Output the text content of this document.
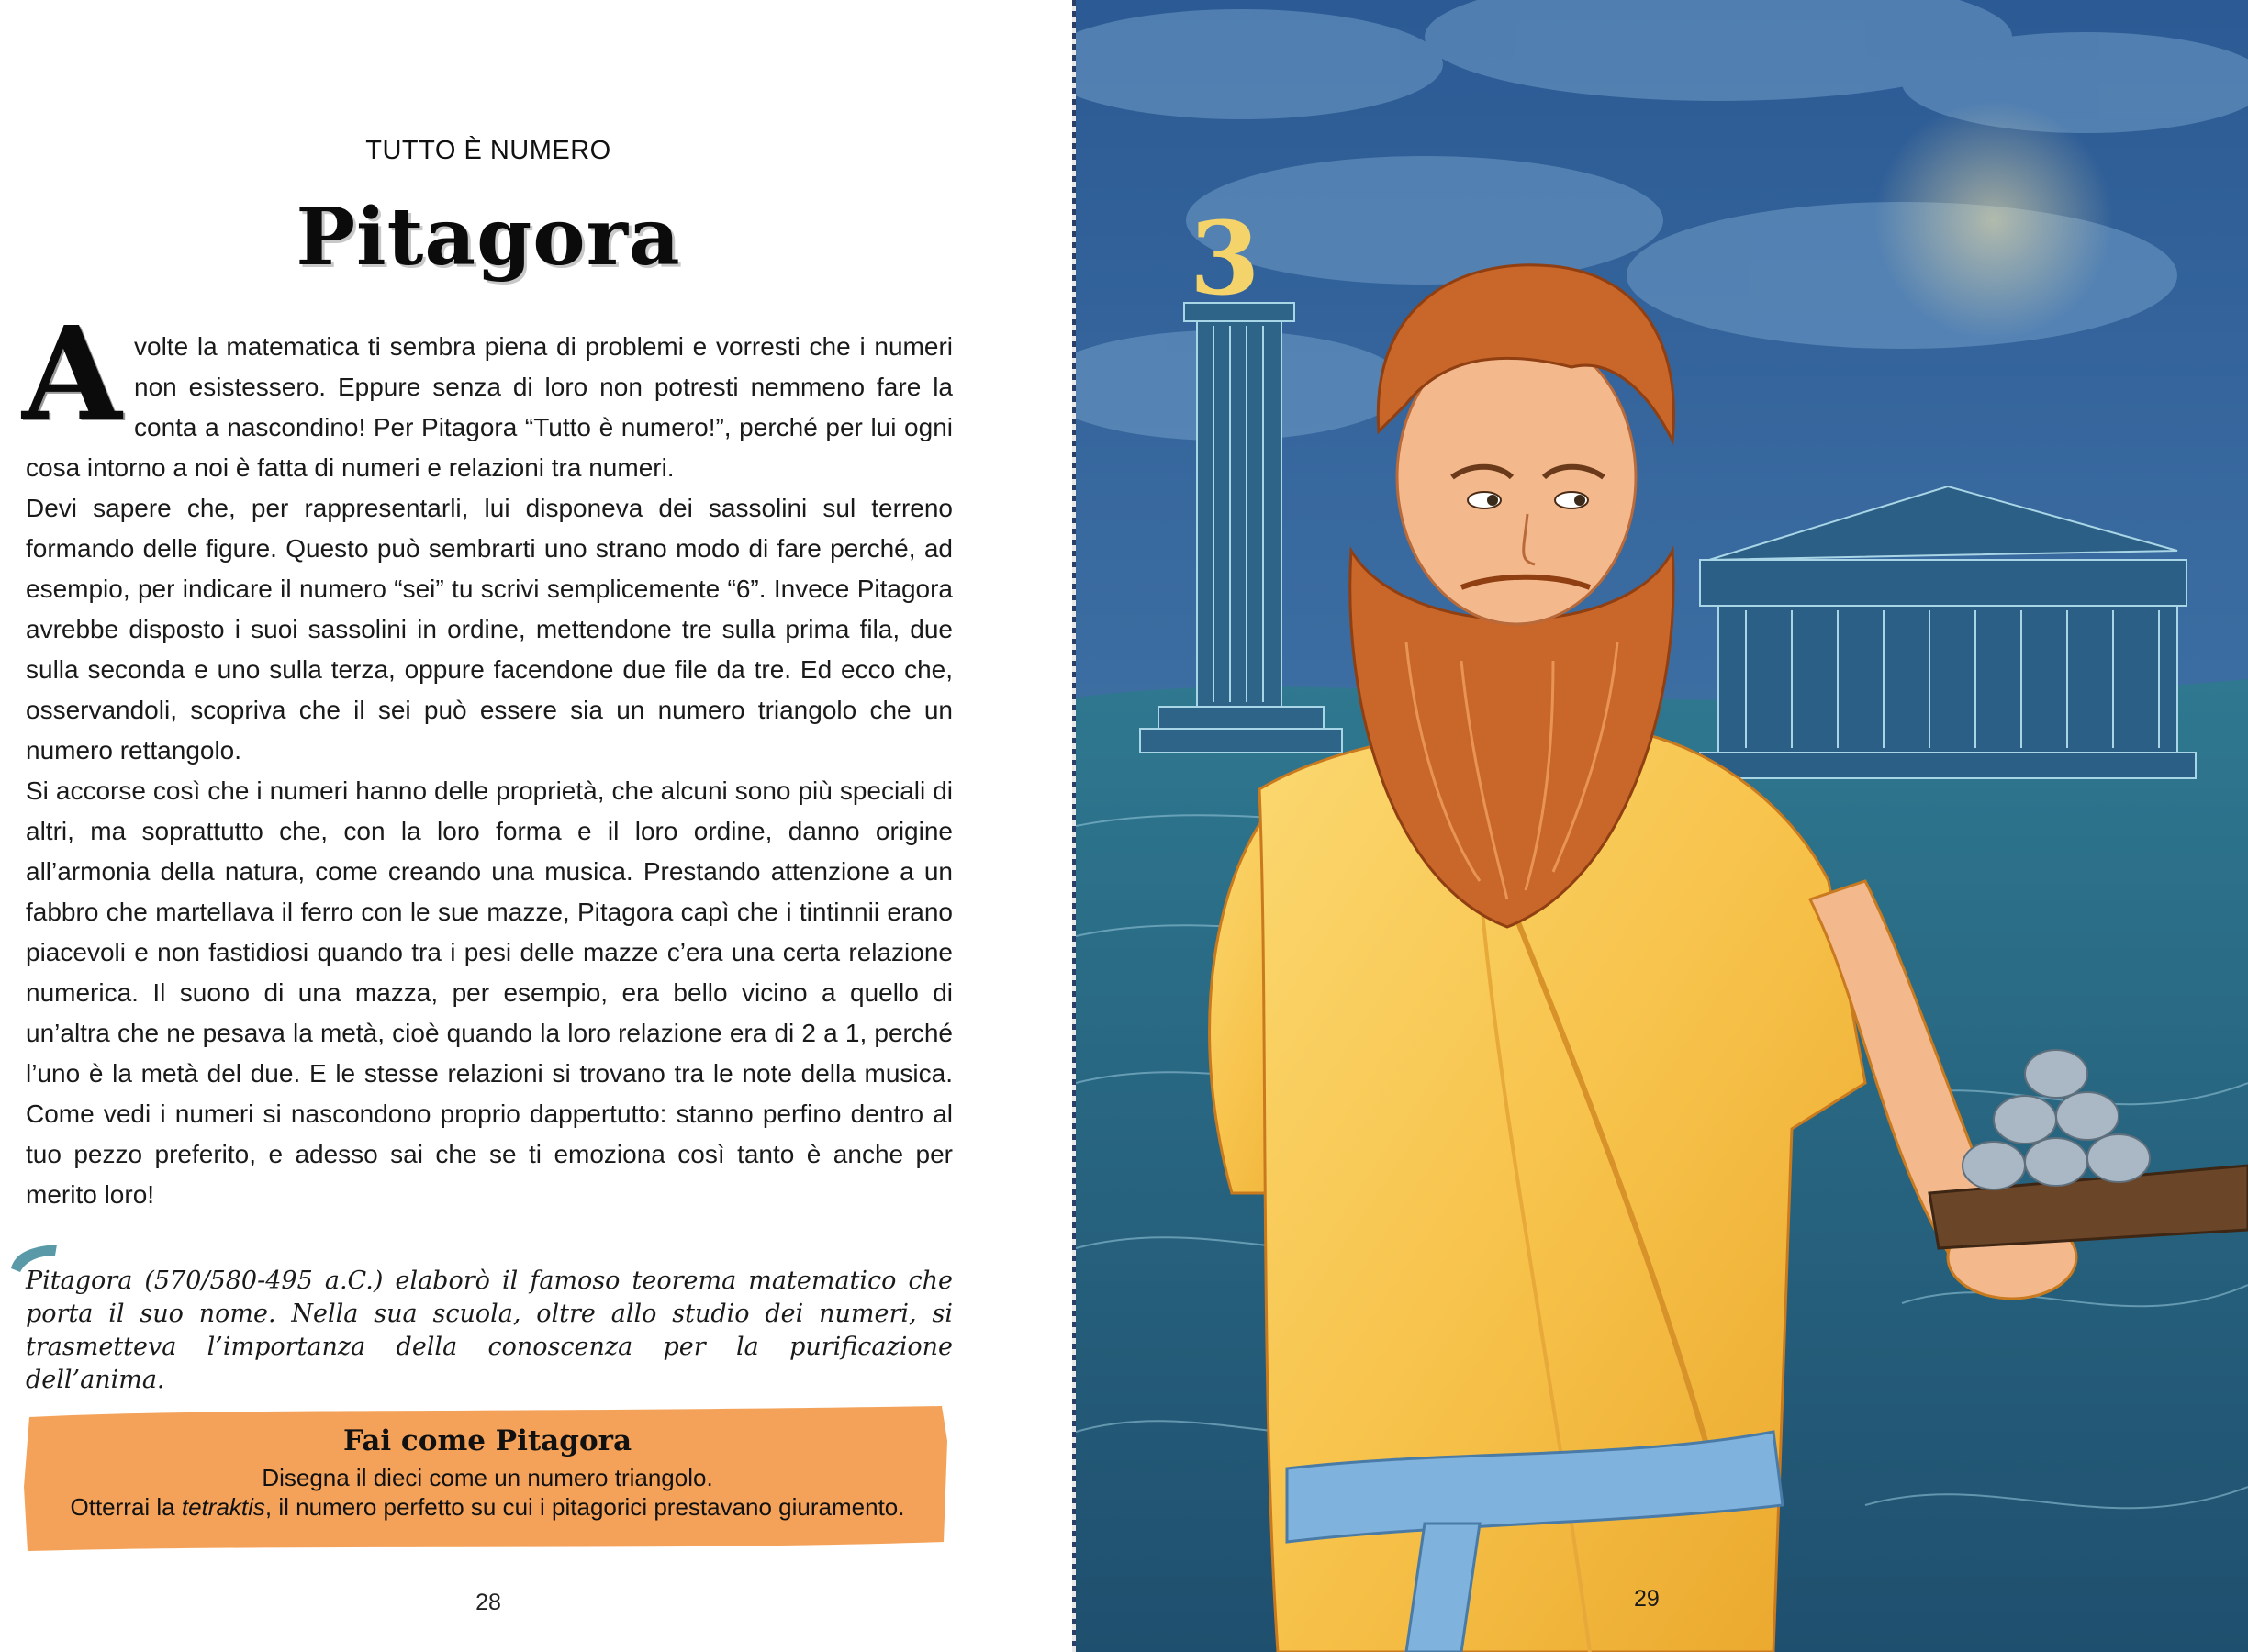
TUTTO È NUMERO
Pitagora
A volte la matematica ti sembra piena di problemi e vorresti che i numeri non esistessero. Eppure senza di loro non potresti nemmeno fare la conta a nascondino! Per Pitagora “Tutto è numero!”, perché per lui ogni cosa intorno a noi è fatta di numeri e relazioni tra numeri.

Devi sapere che, per rappresentarli, lui disponeva dei sassolini sul terreno formando delle figure. Questo può sembrarti uno strano modo di fare perché, ad esempio, per indicare il numero “sei” tu scrivi semplicemente “6”. Invece Pitagora avrebbe disposto i suoi sassolini in ordine, mettendone tre sulla prima fila, due sulla seconda e uno sulla terza, oppure facendone due file da tre. Ed ecco che, osservandoli, scopriva che il sei può essere sia un numero triangolo che un numero rettangolo.

Si accorse così che i numeri hanno delle proprietà, che alcuni sono più speciali di altri, ma soprattutto che, con la loro forma e il loro ordine, danno origine all’armonia della natura, come creando una musica. Prestando attenzione a un fabbro che martellava il ferro con le sue mazze, Pitagora capì che i tintinnii erano piacevoli e non fastidiosi quando tra i pesi delle mazze c’era una certa relazione numerica. Il suono di una mazza, per esempio, era bello vicino a quello di un’altra che ne pesava la metà, cioè quando la loro relazione era di 2 a 1, perché l’uno è la metà del due. E le stesse relazioni si trovano tra le note della musica. Come vedi i numeri si nascondono proprio dappertutto: stanno perfino dentro al tuo pezzo preferito, e adesso sai che se ti emoziona così tanto è anche per merito loro!

Pitagora (570/580-495 a.C.) elaborò il famoso teorema matematico che porta il suo nome. Nella sua scuola, oltre allo studio dei numeri, si trasmetteva l’importanza della conoscenza per la purificazione dell’anima.
Fai come Pitagora
Disegna il dieci come un numero triangolo.
Otterrai la tetraktis, il numero perfetto su cui i pitagorici prestavano giuramento.
28
3
29
